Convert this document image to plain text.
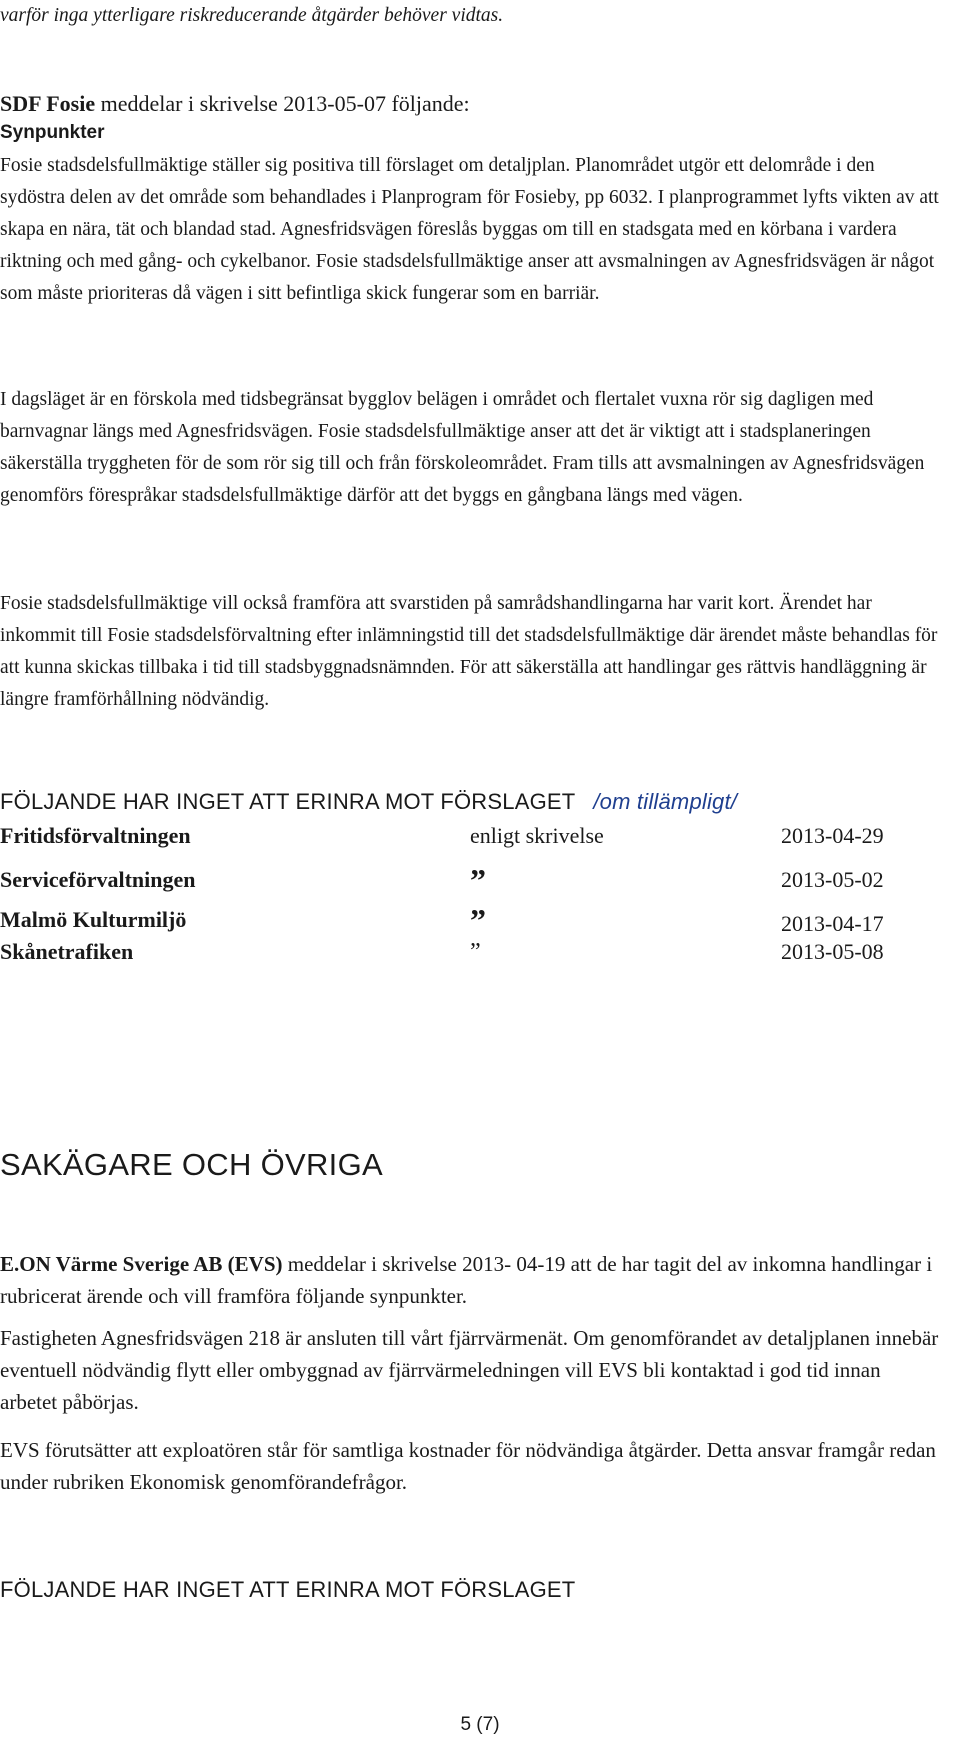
varför inga ytterligare riskreducerande åtgärder behöver vidtas.

SDF Fosie meddelar i skrivelse 2013-05-07 följande:

Synpunkter

Fosie stadsdelsfullmäktige ställer sig positiva till förslaget om detaljplan. Planområdet utgör ett delområde i den sydöstra delen av det område som behandlades i Planprogram för Fosieby, pp 6032. I planprogrammet lyfts vikten av att skapa en nära, tät och blandad stad. Agnesfridsvägen föreslås byggas om till en stadsgata med en körbana i vardera riktning och med gång- och cykelbanor. Fosie stadsdelsfullmäktige anser att avsmalningen av Agnesfridsvägen är något som måste prioriteras då vägen i sitt befintliga skick fungerar som en barriär.

I dagsläget är en förskola med tidsbegränsat bygglov belägen i området och flertalet vuxna rör sig dagligen med barnvagnar längs med Agnesfridsvägen. Fosie stadsdelsfullmäktige anser att det är viktigt att i stadsplaneringen säkerställa tryggheten för de som rör sig till och från förskoleområdet. Fram tills att avsmalningen av Agnesfridsvägen genomförs förespråkar stadsdelsfullmäktige därför att det byggs en gångbana längs med vägen.

Fosie stadsdelsfullmäktige vill också framföra att svarstiden på samrådshandlingarna har varit kort. Ärendet har inkommit till Fosie stadsdelsförvaltning efter inlämningstid till det stadsdelsfullmäktige där ärendet måste behandlas för att kunna skickas tillbaka i tid till stadsbyggnadsnämnden. För att säkerställa att handlingar ges rättvis handläggning är längre framförhållning nödvändig.

FÖLJANDE HAR INGET ATT ERINRA MOT FÖRSLAGET /om tillämpligt/
Fritidsförvaltningen	enligt skrivelse	2013-04-29
Serviceförvaltningen	”	2013-05-02
Malmö Kulturmiljö	”	2013-04-17
Skånetrafiken	”	2013-05-08
SAKÄGARE OCH ÖVRIGA

E.ON Värme Sverige AB (EVS) meddelar i skrivelse 2013- 04-19 att de har tagit del av inkomna handlingar i rubricerat ärende och vill framföra följande synpunkter.

Fastigheten Agnesfridsvägen 218 är ansluten till vårt fjärrvärmenät. Om genomförandet av detaljplanen innebär eventuell nödvändig flytt eller ombyggnad av fjärrvärmeledningen vill EVS bli kontaktad i god tid innan arbetet påbörjas.

EVS förutsätter att exploatören står för samtliga kostnader för nödvändiga åtgärder. Detta ansvar framgår redan under rubriken Ekonomisk genomförandefrågor.

FÖLJANDE HAR INGET ATT ERINRA MOT FÖRSLAGET
5 (7)
